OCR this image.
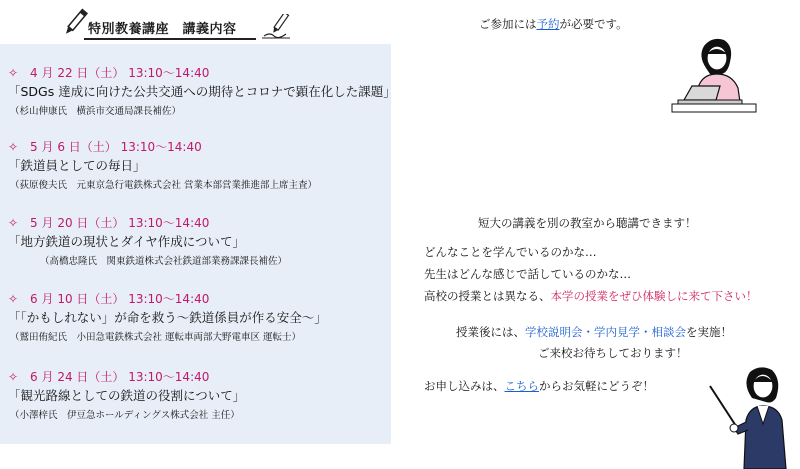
特別教養講座　講義内容
✧　4 月 22 日（土） 13:10〜14:40
「SDGs 達成に向けた公共交通への期待とコロナで顕在化した課題」
（杉山伸康氏　横浜市交通局課長補佐）
✧　5 月 6 日（土） 13:10〜14:40
「鉄道員としての毎日」
（荻原俊夫氏　元東京急行電鉄株式会社 営業本部営業推進部上席主査）
✧　5 月 20 日（土） 13:10〜14:40
「地方鉄道の現状とダイヤ作成について」
（高橋忠隆氏　関東鉄道株式会社鉄道部業務課課長補佐）
✧　6 月 10 日（土） 13:10〜14:40
「「かもしれない」が命を救う〜鉄道係員が作る安全〜」
（鷲田侑紀氏　小田急電鉄株式会社 運転車両部大野電車区 運転士）
✧　6 月 24 日（土） 13:10〜14:40
「観光路線としての鉄道の役割について」
（小澤梓氏　伊豆急ホールディングス株式会社 主任）
ご参加には予約が必要です。
短大の講義を別の教室から聴講できます！
どんなことを学んでいるのかな…
先生はどんな感じで話しているのかな…
高校の授業とは異なる、本学の授業をぜひ体験しに来て下さい！
授業後には、学校説明会・学内見学・相談会を実施！
ご来校お待ちしております！
お申し込みは、こちらからお気軽にどうぞ！
